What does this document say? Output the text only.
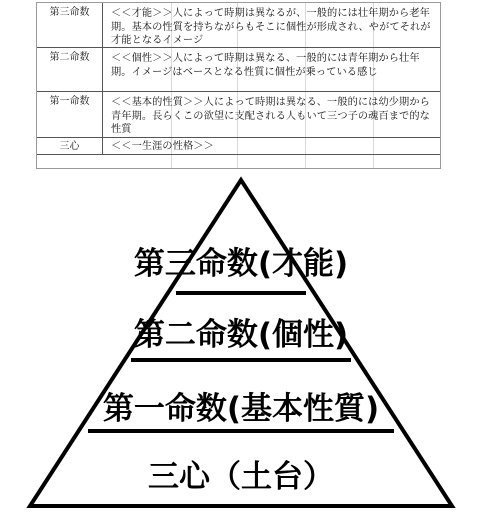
第三命数	＜＜才能＞＞人によって時期は異なるが、一般的には壮年期から老年期。基本の性質を持ちながらもそこに個性が形成され、やがてそれが才能となるイメージ
第二命数	＜＜個性＞＞人によって時期は異なる、一般的には青年期から壮年期。イメージはベースとなる性質に個性が乗っている感じ
第一命数	＜＜基本的性質＞＞人によって時期は異なる、一般的には幼少期から青年期。長らくこの欲望に支配される人もいて三つ子の魂百まで的な性質
三心	＜＜一生涯の性格＞＞
第三命数(才能)
第二命数(個性)
第一命数(基本性質)
三心（土台）
